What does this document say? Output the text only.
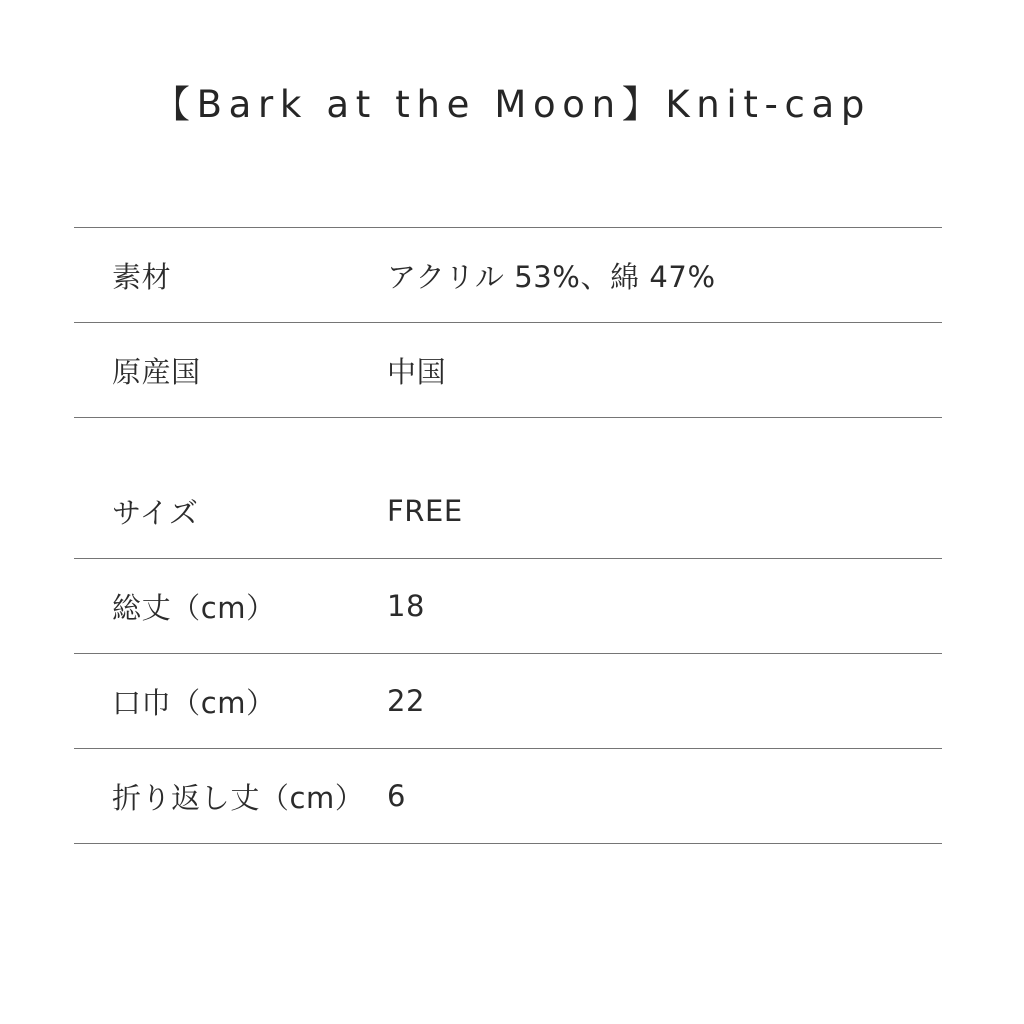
【Bark at the Moon】Knit-cap
素材	アクリル 53%、綿 47%
原産国	中国
サイズ	FREE
総丈（cm）	18
口巾（cm）	22
折り返し丈（cm） 6
